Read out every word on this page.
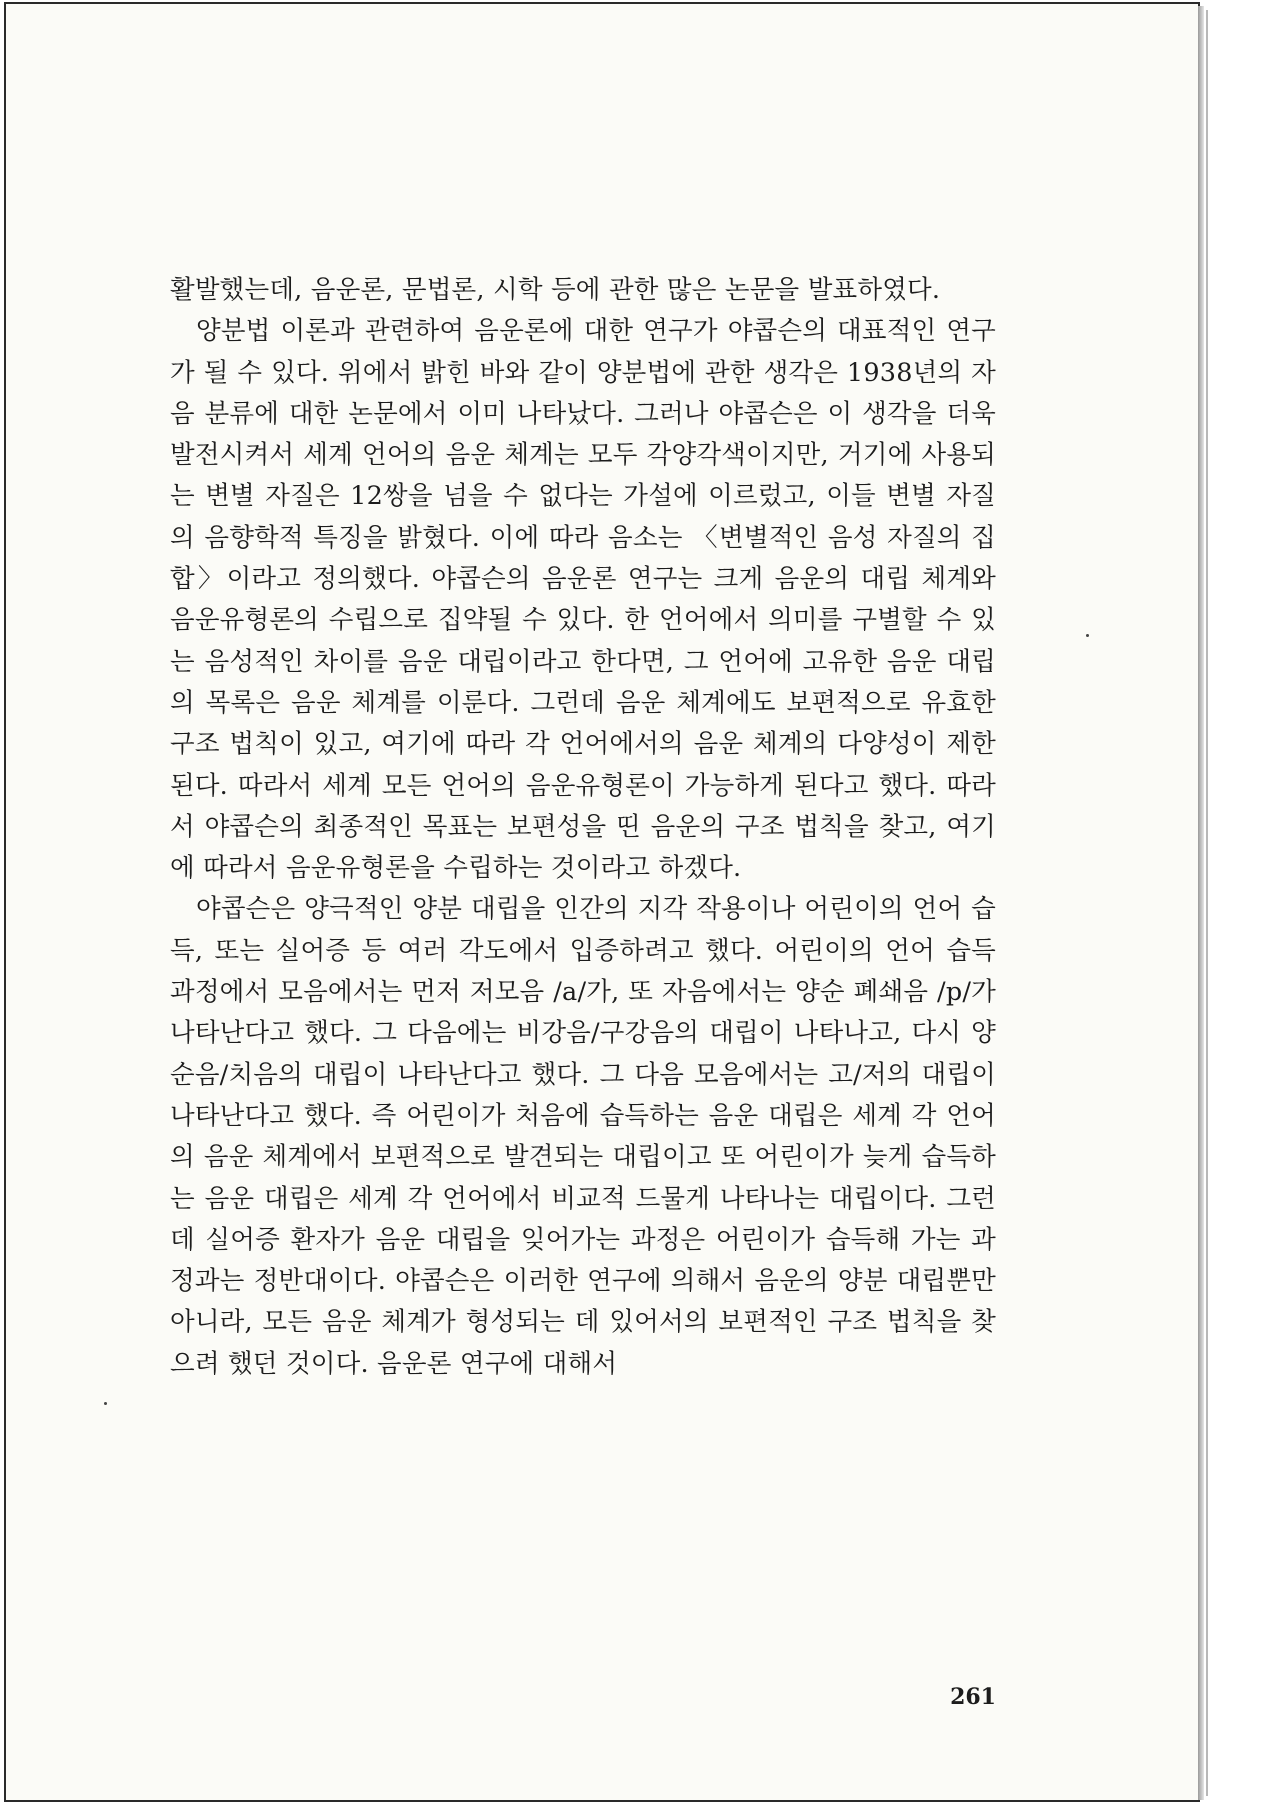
활발했는데, 음운론, 문법론, 시학 등에 관한 많은 논문을 발표하였다.

양분법 이론과 관련하여 음운론에 대한 연구가 야콥슨의 대표적인 연구가 될 수 있다. 위에서 밝힌 바와 같이 양분법에 관한 생각은 1938년의 자음 분류에 대한 논문에서 이미 나타났다. 그러나 야콥슨은 이 생각을 더욱 발전시켜서 세계 언어의 음운 체계는 모두 각양각색이지만, 거기에 사용되는 변별 자질은 12쌍을 넘을 수 없다는 가설에 이르렀고, 이들 변별 자질의 음향학적 특징을 밝혔다. 이에 따라 음소는 〈변별적인 음성 자질의 집합〉이라고 정의했다. 야콥슨의 음운론 연구는 크게 음운의 대립 체계와 음운유형론의 수립으로 집약될 수 있다. 한 언어에서 의미를 구별할 수 있는 음성적인 차이를 음운 대립이라고 한다면, 그 언어에 고유한 음운 대립의 목록은 음운 체계를 이룬다. 그런데 음운 체계에도 보편적으로 유효한 구조 법칙이 있고, 여기에 따라 각 언어에서의 음운 체계의 다양성이 제한된다. 따라서 세계 모든 언어의 음운유형론이 가능하게 된다고 했다. 따라서 야콥슨의 최종적인 목표는 보편성을 띤 음운의 구조 법칙을 찾고, 여기에 따라서 음운유형론을 수립하는 것이라고 하겠다.

야콥슨은 양극적인 양분 대립을 인간의 지각 작용이나 어린이의 언어 습득, 또는 실어증 등 여러 각도에서 입증하려고 했다. 어린이의 언어 습득 과정에서 모음에서는 먼저 저모음 /a/가, 또 자음에서는 양순 폐쇄음 /p/가 나타난다고 했다. 그 다음에는 비강음/구강음의 대립이 나타나고, 다시 양순음/치음의 대립이 나타난다고 했다. 그 다음 모음에서는 고/저의 대립이 나타난다고 했다. 즉 어린이가 처음에 습득하는 음운 대립은 세계 각 언어의 음운 체계에서 보편적으로 발견되는 대립이고 또 어린이가 늦게 습득하는 음운 대립은 세계 각 언어에서 비교적 드물게 나타나는 대립이다. 그런데 실어증 환자가 음운 대립을 잊어가는 과정은 어린이가 습득해 가는 과정과는 정반대이다. 야콥슨은 이러한 연구에 의해서 음운의 양분 대립뿐만 아니라, 모든 음운 체계가 형성되는 데 있어서의 보편적인 구조 법칙을 찾으려 했던 것이다. 음운론 연구에 대해서

261
